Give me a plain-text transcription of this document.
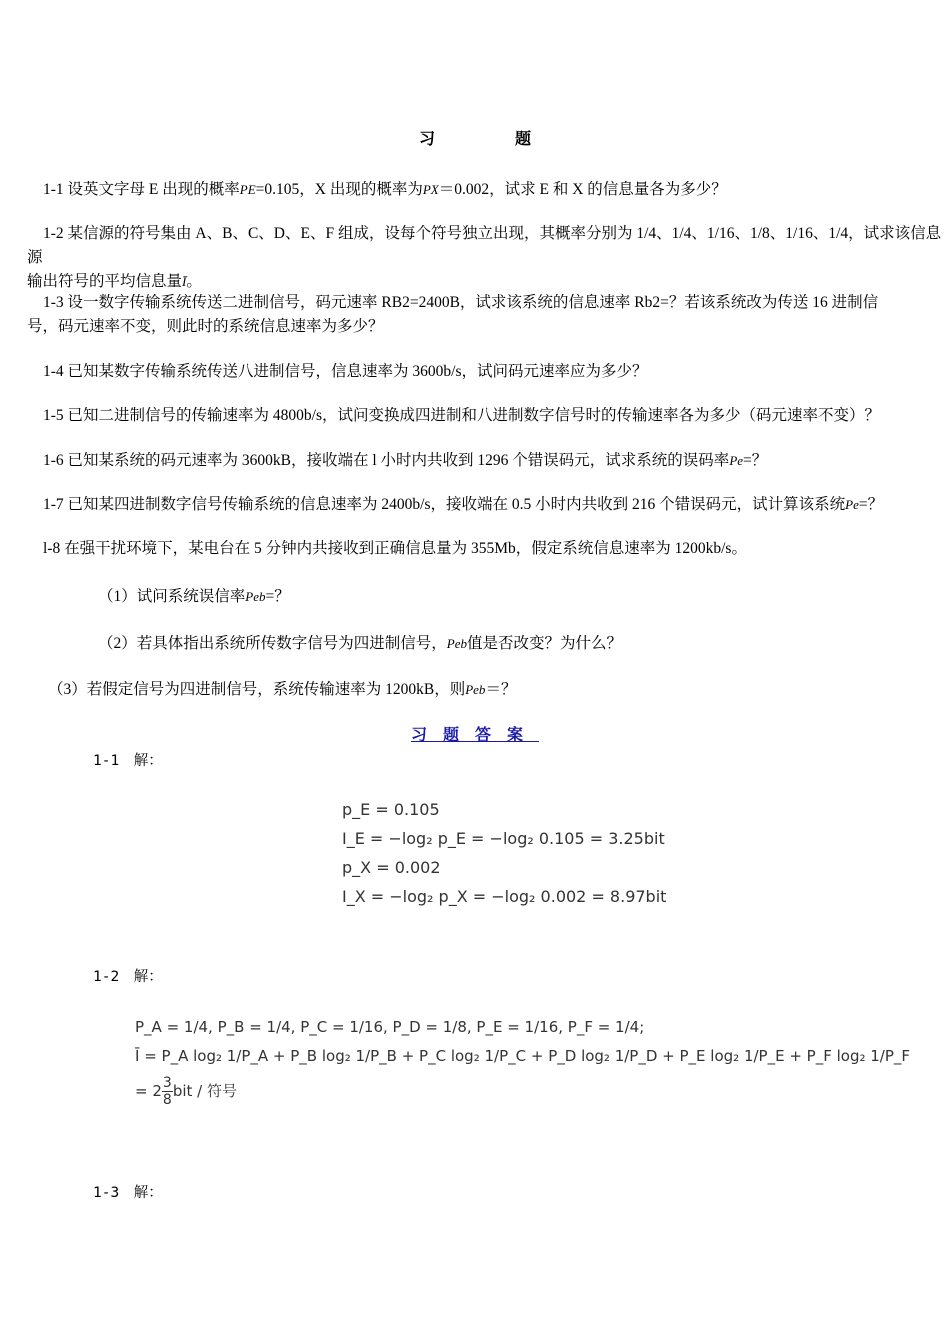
习　题
1-1 设英文字母 E 出现的概率PE=0.105，X 出现的概率为PX＝0.002，试求 E 和 X 的信息量各为多少？
1-2 某信源的符号集由 A、B、C、D、E、F 组成，设每个符号独立出现，其概率分别为 1/4、1/4、1/16、1/8、1/16、1/4，试求该信息源
输出符号的平均信息量Ī。
1-3 设一数字传输系统传送二进制信号，码元速率 RB2=2400B，试求该系统的信息速率 Rb2=？若该系统改为传送 16 进制信
号，码元速率不变，则此时的系统信息速率为多少？
1-4 已知某数字传输系统传送八进制信号，信息速率为 3600b/s，试问码元速率应为多少？
1-5 已知二进制信号的传输速率为 4800b/s，试问变换成四进制和八进制数字信号时的传输速率各为多少（码元速率不变）？
1-6 已知某系统的码元速率为 3600kB，接收端在 l 小时内共收到 1296 个错误码元，试求系统的误码率Pe=？
1-7 已知某四进制数字信号传输系统的信息速率为 2400b/s，接收端在 0.5 小时内共收到 216 个错误码元，试计算该系统Pe=？
l-8 在强干扰环境下，某电台在 5 分钟内共接收到正确信息量为 355Mb，假定系统信息速率为 1200kb/s。
（1）试问系统误信率Peb=？
（2）若具体指出系统所传数字信号为四进制信号，Peb值是否改变？为什么？
（3）若假定信号为四进制信号，系统传输速率为 1200kB，则Peb＝？
习题答案
1-1　解：
p_E = 0.105
I_E = −log₂ p_E = −log₂ 0.105 = 3.25bit
p_X = 0.002
I_X = −log₂ p_X = −log₂ 0.002 = 8.97bit
1-2　解：
P_A = 1/4, P_B = 1/4, P_C = 1/16, P_D = 1/8, P_E = 1/16, P_F = 1/4;
Ī = P_A log₂ 1/P_A + P_B log₂ 1/P_B + P_C log₂ 1/P_C + P_D log₂ 1/P_D + P_E log₂ 1/P_E + P_F log₂ 1/P_F
= $2 \frac{3}{8}$ bit / 符号
1-3　解：
